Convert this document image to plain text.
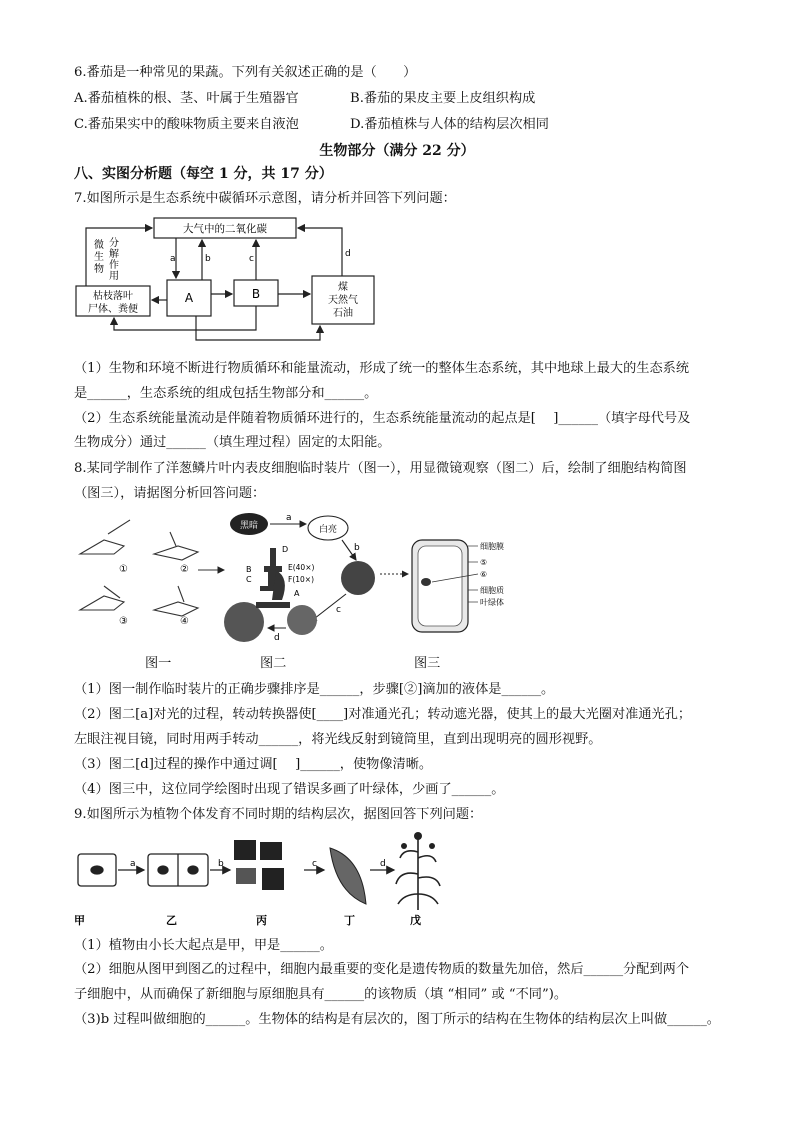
6.番茄是一种常见的果蔬。下列有关叙述正确的是（　　）
A.番茄植株的根、茎、叶属于生殖器官	B.番茄的果皮主要上皮组织构成
C.番茄果实中的酸味物质主要来自液泡	D.番茄植株与人体的结构层次相同
生物部分（满分 22 分）
八、实图分析题（每空 1 分，共 17 分）
7.如图所示是生态系统中碳循环示意图，请分析并回答下列问题：
大气中的二氧化碳
微
生
物
分
解
作
用
枯枝落叶
尸体、粪便
A	B	煤
天然气
石油
a	b	c	d
（1）生物和环境不断进行物质循环和能量流动，形成了统一的整体生态系统，其中地球上最大的生态系统
是______，生态系统的组成包括生物部分和______。
（2）生态系统能量流动是伴随着物质循环进行的，生态系统能量流动的起点是[　 ]______（填字母代号及
生物成分）通过______（填生理过程）固定的太阳能。
8.某同学制作了洋葱鳞片叶内表皮细胞临时装片（图一），用显微镜观察（图二）后，绘制了细胞结构简图
（图三），请据图分析回答问题：
①	②
③	④
黑暗
a
白亮
b
c
d
D
B
C
E(40×)
F(10×)
A
细胞膜
⑤
⑥
细胞质
叶绿体
图一	图二	图三
（1）图一制作临时装片的正确步骤排序是______，步骤[②]滴加的液体是______。
（2）图二[a]对光的过程，转动转换器使[____]对准通光孔；转动遮光器，使其上的最大光圈对准通光孔；
左眼注视目镜，同时用两手转动______，将光线反射到镜筒里，直到出现明亮的圆形视野。
（3）图二[d]过程的操作中通过调[　 ]______，使物像清晰。
（4）图三中，这位同学绘图时出现了错误多画了叶绿体，少画了______。
9.如图所示为植物个体发育不同时期的结构层次，据图回答下列问题：
a	b	c	d
甲	乙	丙	丁	戊
（1）植物由小长大起点是甲，甲是______。
（2）细胞从图甲到图乙的过程中，细胞内最重要的变化是遗传物质的数量先加倍，然后______分配到两个
子细胞中，从而确保了新细胞与原细胞具有______的该物质（填 “相同” 或 “不同”)。
（3)b 过程叫做细胞的______。生物体的结构是有层次的，图丁所示的结构在生物体的结构层次上叫做______。
